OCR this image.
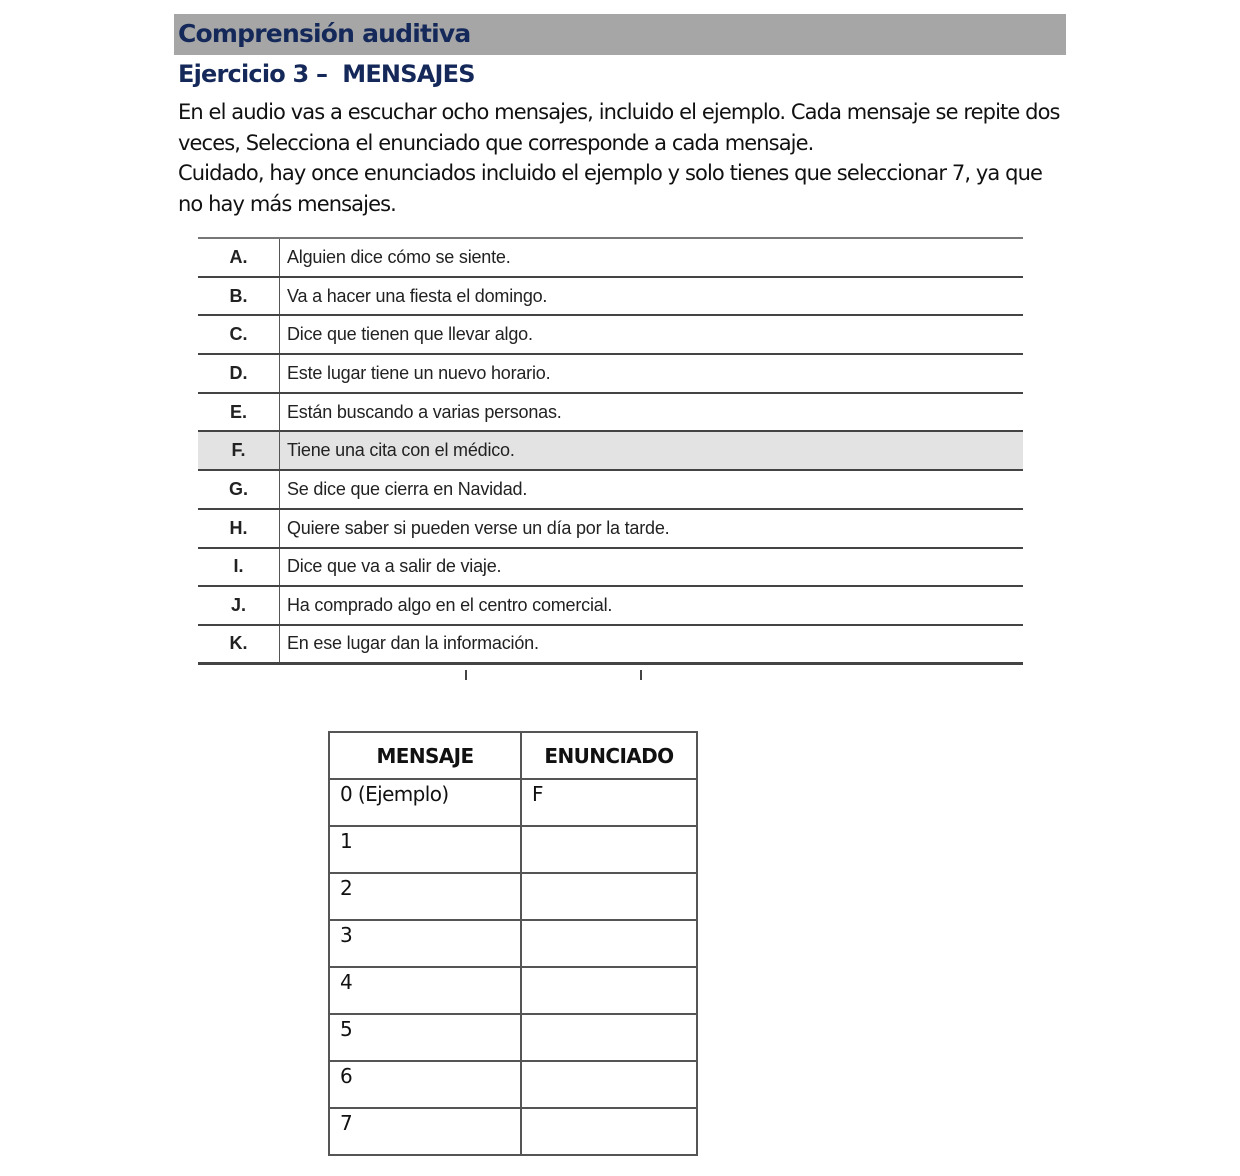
Comprensión auditiva
Ejercicio 3 –  MENSAJES

En el audio vas a escuchar ocho mensajes, incluido el ejemplo. Cada mensaje se repite dos veces, Selecciona el enunciado que corresponde a cada mensaje.

Cuidado, hay once enunciados incluido el ejemplo y solo tienes que seleccionar 7, ya que no hay más mensajes.

A.	Alguien dice cómo se siente.
B.	Va a hacer una fiesta el domingo.
C.	Dice que tienen que llevar algo.
D.	Este lugar tiene un nuevo horario.
E.	Están buscando a varias personas.
F.	Tiene una cita con el médico.
G.	Se dice que cierra en Navidad.
H.	Quiere saber si pueden verse un día por la tarde.
I.	Dice que va a salir de viaje.
J.	Ha comprado algo en el centro comercial.
K.	En ese lugar dan la información.
MENSAJE	ENUNCIADO
0 (Ejemplo)	F
1	
2	
3	
4	
5	
6	
7	
